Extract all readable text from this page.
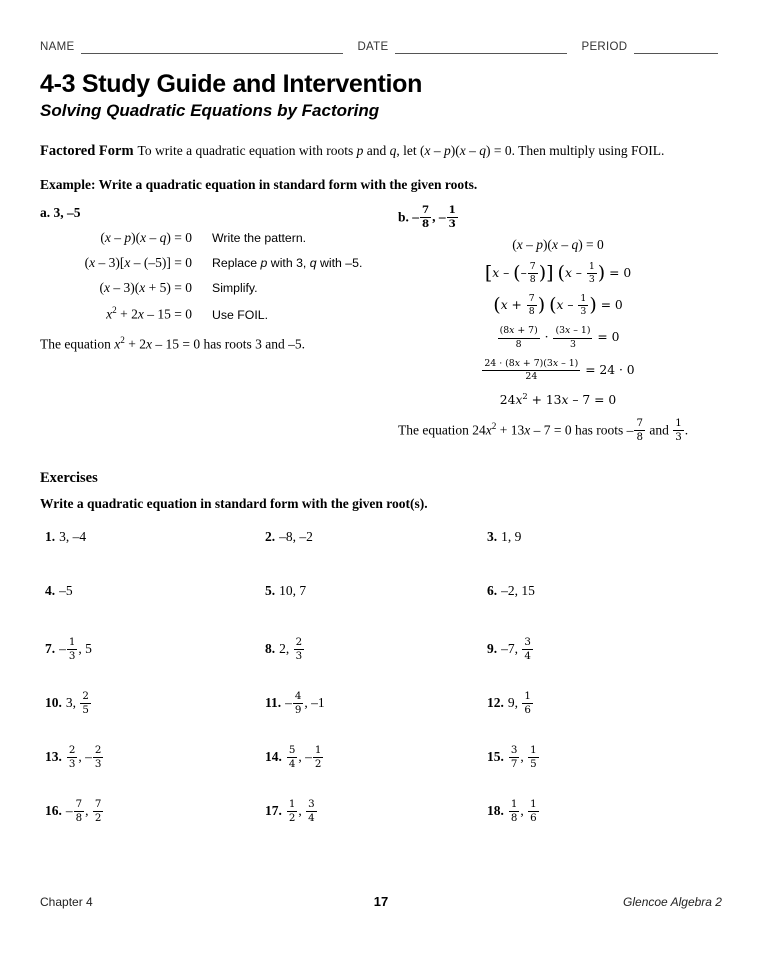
NAME	DATE	PERIOD
4-3 Study Guide and Intervention
Solving Quadratic Equations by Factoring
Factored Form To write a quadratic equation with roots p and q, let (x – p)(x – q) = 0. Then multiply using FOIL.
Example: Write a quadratic equation in standard form with the given roots.
a. 3, –5
(x – p)(x – q) = 0 Write the pattern.
(x – 3)[x – (–5)] = 0 Replace p with 3, q with –5.
(x – 3)(x + 5) = 0 Simplify.
$x^2 + 2x - 15 = 0$ Use FOIL.
The equation $x^2 + 2x - 15 = 0$ has roots 3 and –5.
b. – $\frac{7}{8}$ , – $\frac{1}{3}$
(x – p)(x – q) = 0
[x – (– $\frac{7}{8}$ )] ($x - \frac{1}{3}$ ) = 0
($x + \frac{7}{8}$ ) ($x - \frac{1}{3}$ ) = 0
$\frac{(8x + 7)}{8} \cdot \frac{(3x - 1)}{3} = 0$
$\frac{24 \cdot (8x + 7)(3x - 1)}{24} = 24 \cdot 0$
$24x^2 + 13x - 7 = 0$
The equation $24x^2 + 13x - 7 = 0$ has roots – $\frac{7}{8}$ and $\frac{1}{3}$ .
Exercises
Write a quadratic equation in standard form with the given root(s).
1. 3, –4	2. –8, –2	3. 1, 9
4. –5	5. 10, 7	6. –2, 15
7. – $\frac{1}{3}$ , 5	8. 2, $\frac{2}{3}$	9. –7, $\frac{3}{4}$
10. 3, $\frac{2}{5}$	11. – $\frac{4}{9}$ , –1	12. 9, $\frac{1}{6}$
13. $\frac{2}{3}$ , – $\frac{2}{3}$	14. $\frac{5}{4}$ , – $\frac{1}{2}$	15. $\frac{3}{7}$ , $\frac{1}{5}$
16. – $\frac{7}{8}$ , $\frac{7}{2}$	17. $\frac{1}{2}$ , $\frac{3}{4}$	18. $\frac{1}{8}$ , $\frac{1}{6}$
Chapter 4	17	Glencoe Algebra 2
